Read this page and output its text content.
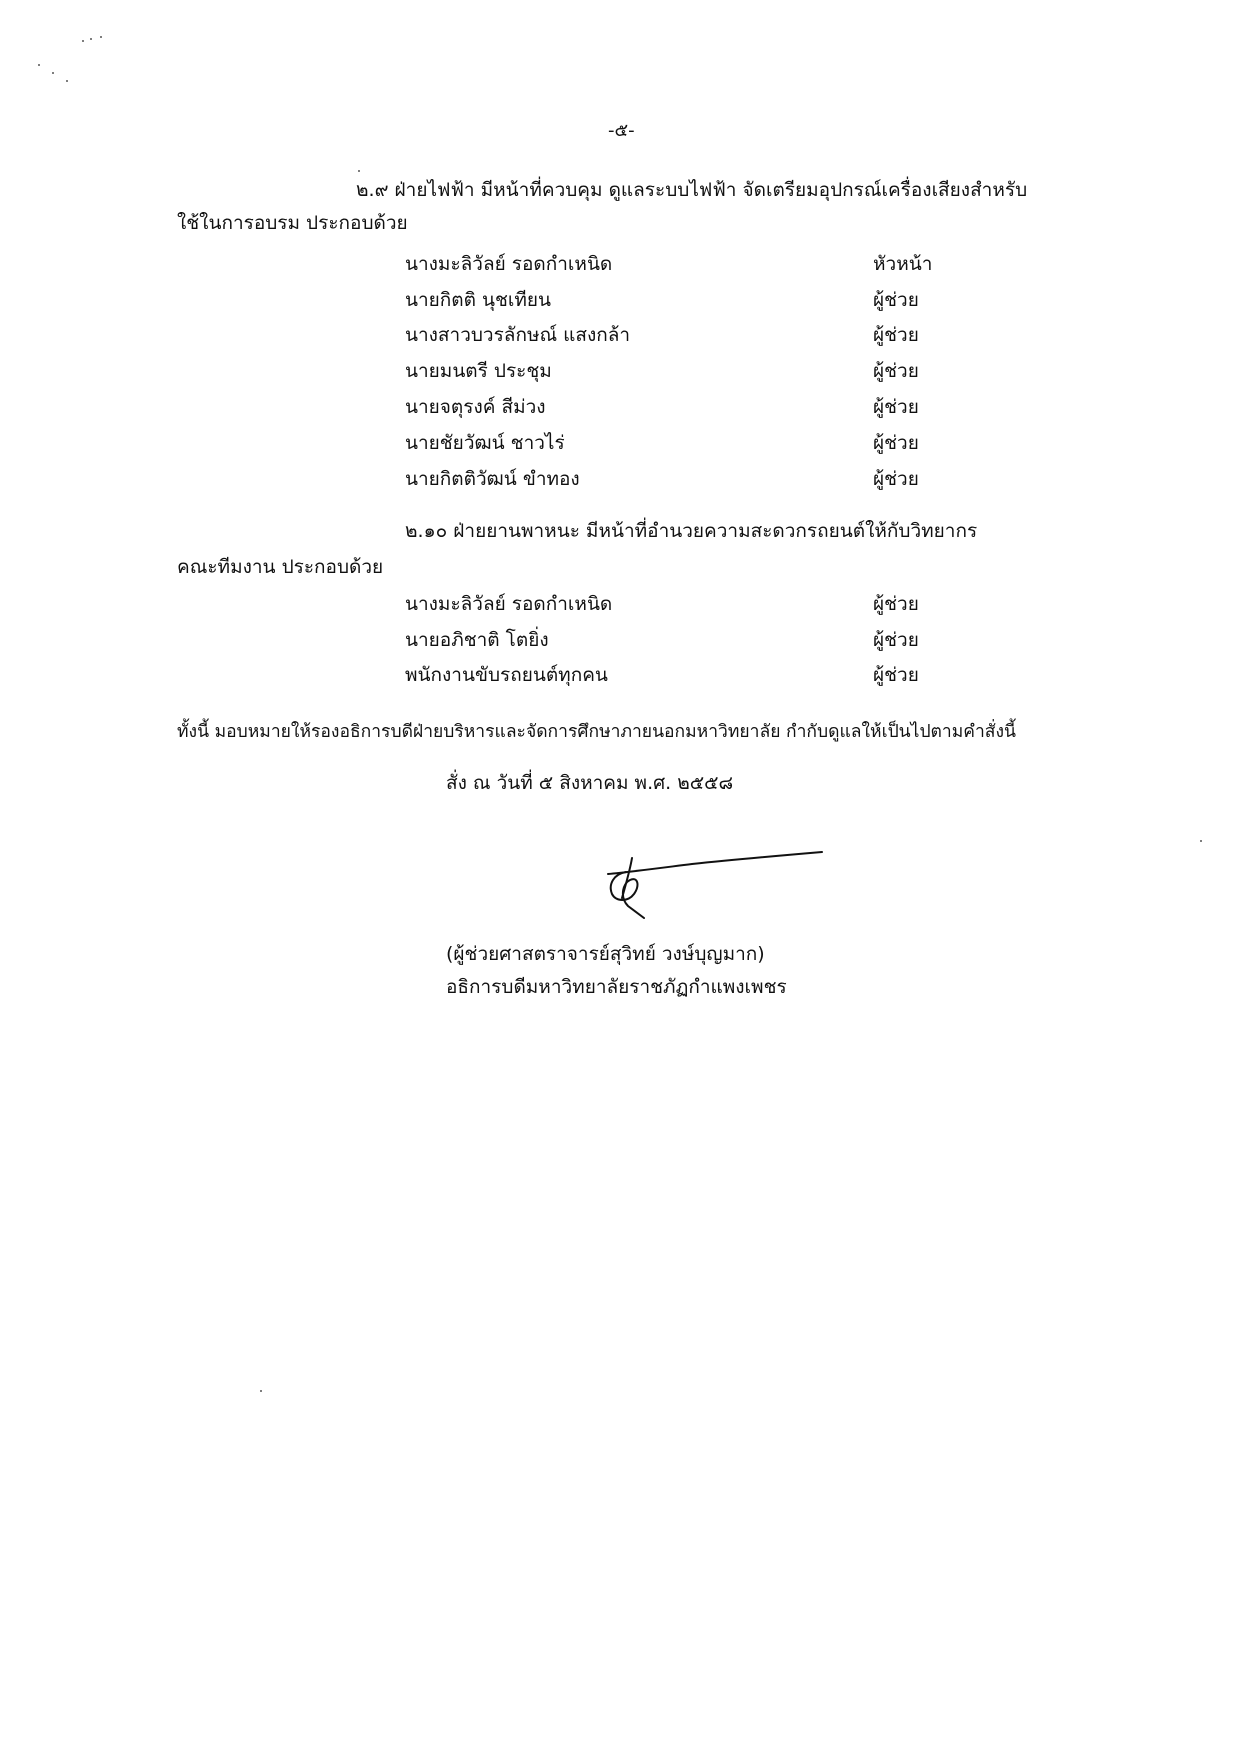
-๕-
๒.๙ ฝ่ายไฟฟ้า มีหน้าที่ควบคุม ดูแลระบบไฟฟ้า จัดเตรียมอุปกรณ์เครื่องเสียงสำหรับ
ใช้ในการอบรม ประกอบด้วย
นางมะลิวัลย์ รอดกำเหนิด	หัวหน้า
นายกิตติ นุชเทียน	ผู้ช่วย
นางสาวบวรลักษณ์ แสงกล้า	ผู้ช่วย
นายมนตรี ประชุม	ผู้ช่วย
นายจตุรงค์ สีม่วง	ผู้ช่วย
นายชัยวัฒน์ ชาวไร่	ผู้ช่วย
นายกิตติวัฒน์ ขำทอง	ผู้ช่วย
๒.๑๐ ฝ่ายยานพาหนะ มีหน้าที่อำนวยความสะดวกรถยนต์ให้กับวิทยากร
คณะทีมงาน ประกอบด้วย
นางมะลิวัลย์ รอดกำเหนิด	ผู้ช่วย
นายอภิชาติ โตยิ่ง	ผู้ช่วย
พนักงานขับรถยนต์ทุกคน	ผู้ช่วย
ทั้งนี้ มอบหมายให้รองอธิการบดีฝ่ายบริหารและจัดการศึกษาภายนอกมหาวิทยาลัย กำกับดูแลให้เป็นไปตามคำสั่งนี้
สั่ง ณ วันที่ ๕ สิงหาคม พ.ศ. ๒๕๕๘
(ผู้ช่วยศาสตราจารย์สุวิทย์ วงษ์บุญมาก)
อธิการบดีมหาวิทยาลัยราชภัฏกำแพงเพชร
